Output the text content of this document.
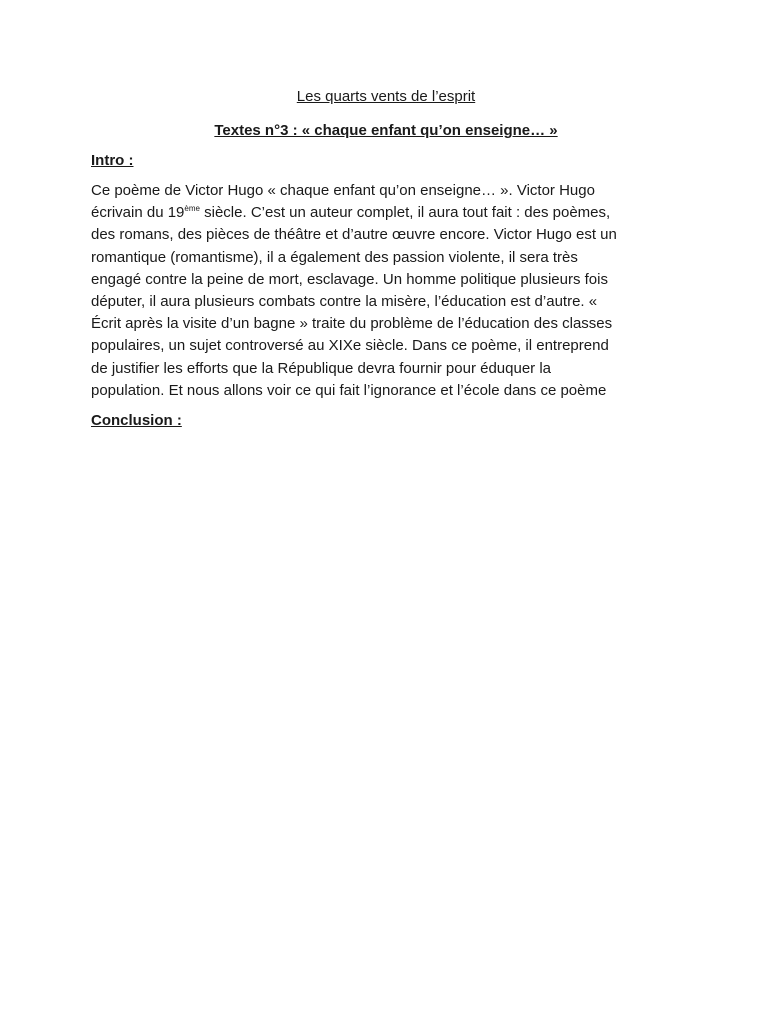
Les quarts vents de l’esprit
Textes n°3 : « chaque enfant qu’on enseigne… »
Intro :

Ce poème de Victor Hugo « chaque enfant qu’on enseigne… ». Victor Hugo
écrivain du 19ème siècle. C’est un auteur complet, il aura tout fait : des poèmes,
des romans, des pièces de théâtre et d’autre œuvre encore. Victor Hugo est un
romantique (romantisme), il a également des passion violente, il sera très
engagé contre la peine de mort, esclavage. Un homme politique plusieurs fois
députer, il aura plusieurs combats contre la misère, l’éducation est d’autre. «
Écrit après la visite d’un bagne » traite du problème de l’éducation des classes
populaires, un sujet controversé au XIXe siècle. Dans ce poème, il entreprend
de justifier les efforts que la République devra fournir pour éduquer la
population. Et nous allons voir ce qui fait l’ignorance et l’école dans ce poème

Conclusion :
